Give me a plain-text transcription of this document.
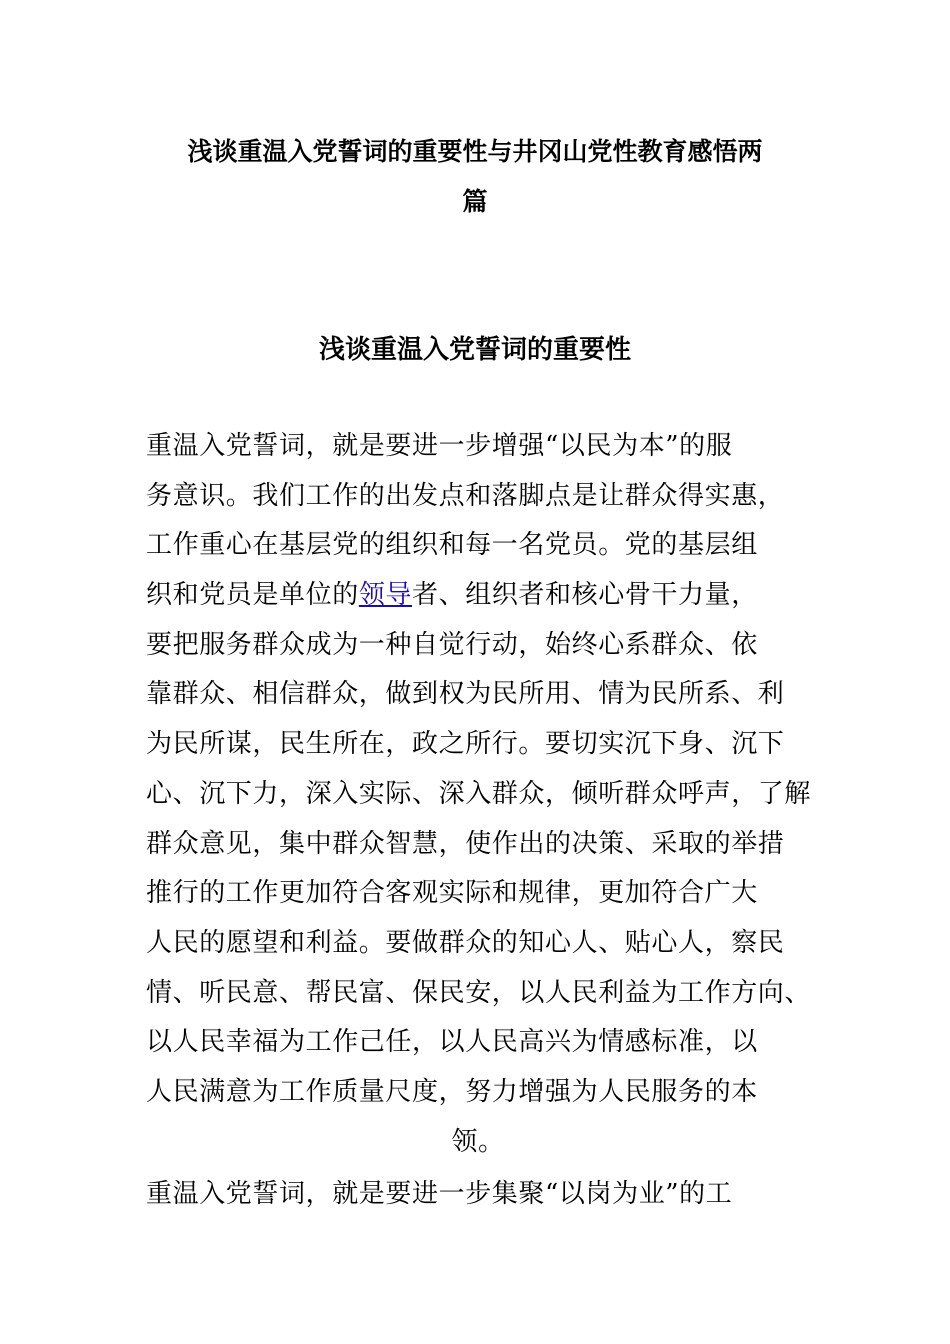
浅谈重温入党誓词的重要性与井冈山党性教育感悟两
篇
浅谈重温入党誓词的重要性
重温入党誓词，就是要进一步增强“以民为本”的服
务意识。我们工作的出发点和落脚点是让群众得实惠，
工作重心在基层党的组织和每一名党员。党的基层组
织和党员是单位的领导者、组织者和核心骨干力量，
要把服务群众成为一种自觉行动，始终心系群众、依
靠群众、相信群众，做到权为民所用、情为民所系、利
为民所谋，民生所在，政之所行。要切实沉下身、沉下
心、沉下力，深入实际、深入群众，倾听群众呼声，了解
群众意见，集中群众智慧，使作出的决策、采取的举措
推行的工作更加符合客观实际和规律，更加符合广大
人民的愿望和利益。要做群众的知心人、贴心人，察民
情、听民意、帮民富、保民安，以人民利益为工作方向、
以人民幸福为工作己任，以人民高兴为情感标准，以
人民满意为工作质量尺度，努力增强为人民服务的本
领。
重温入党誓词，就是要进一步集聚“以岗为业”的工
